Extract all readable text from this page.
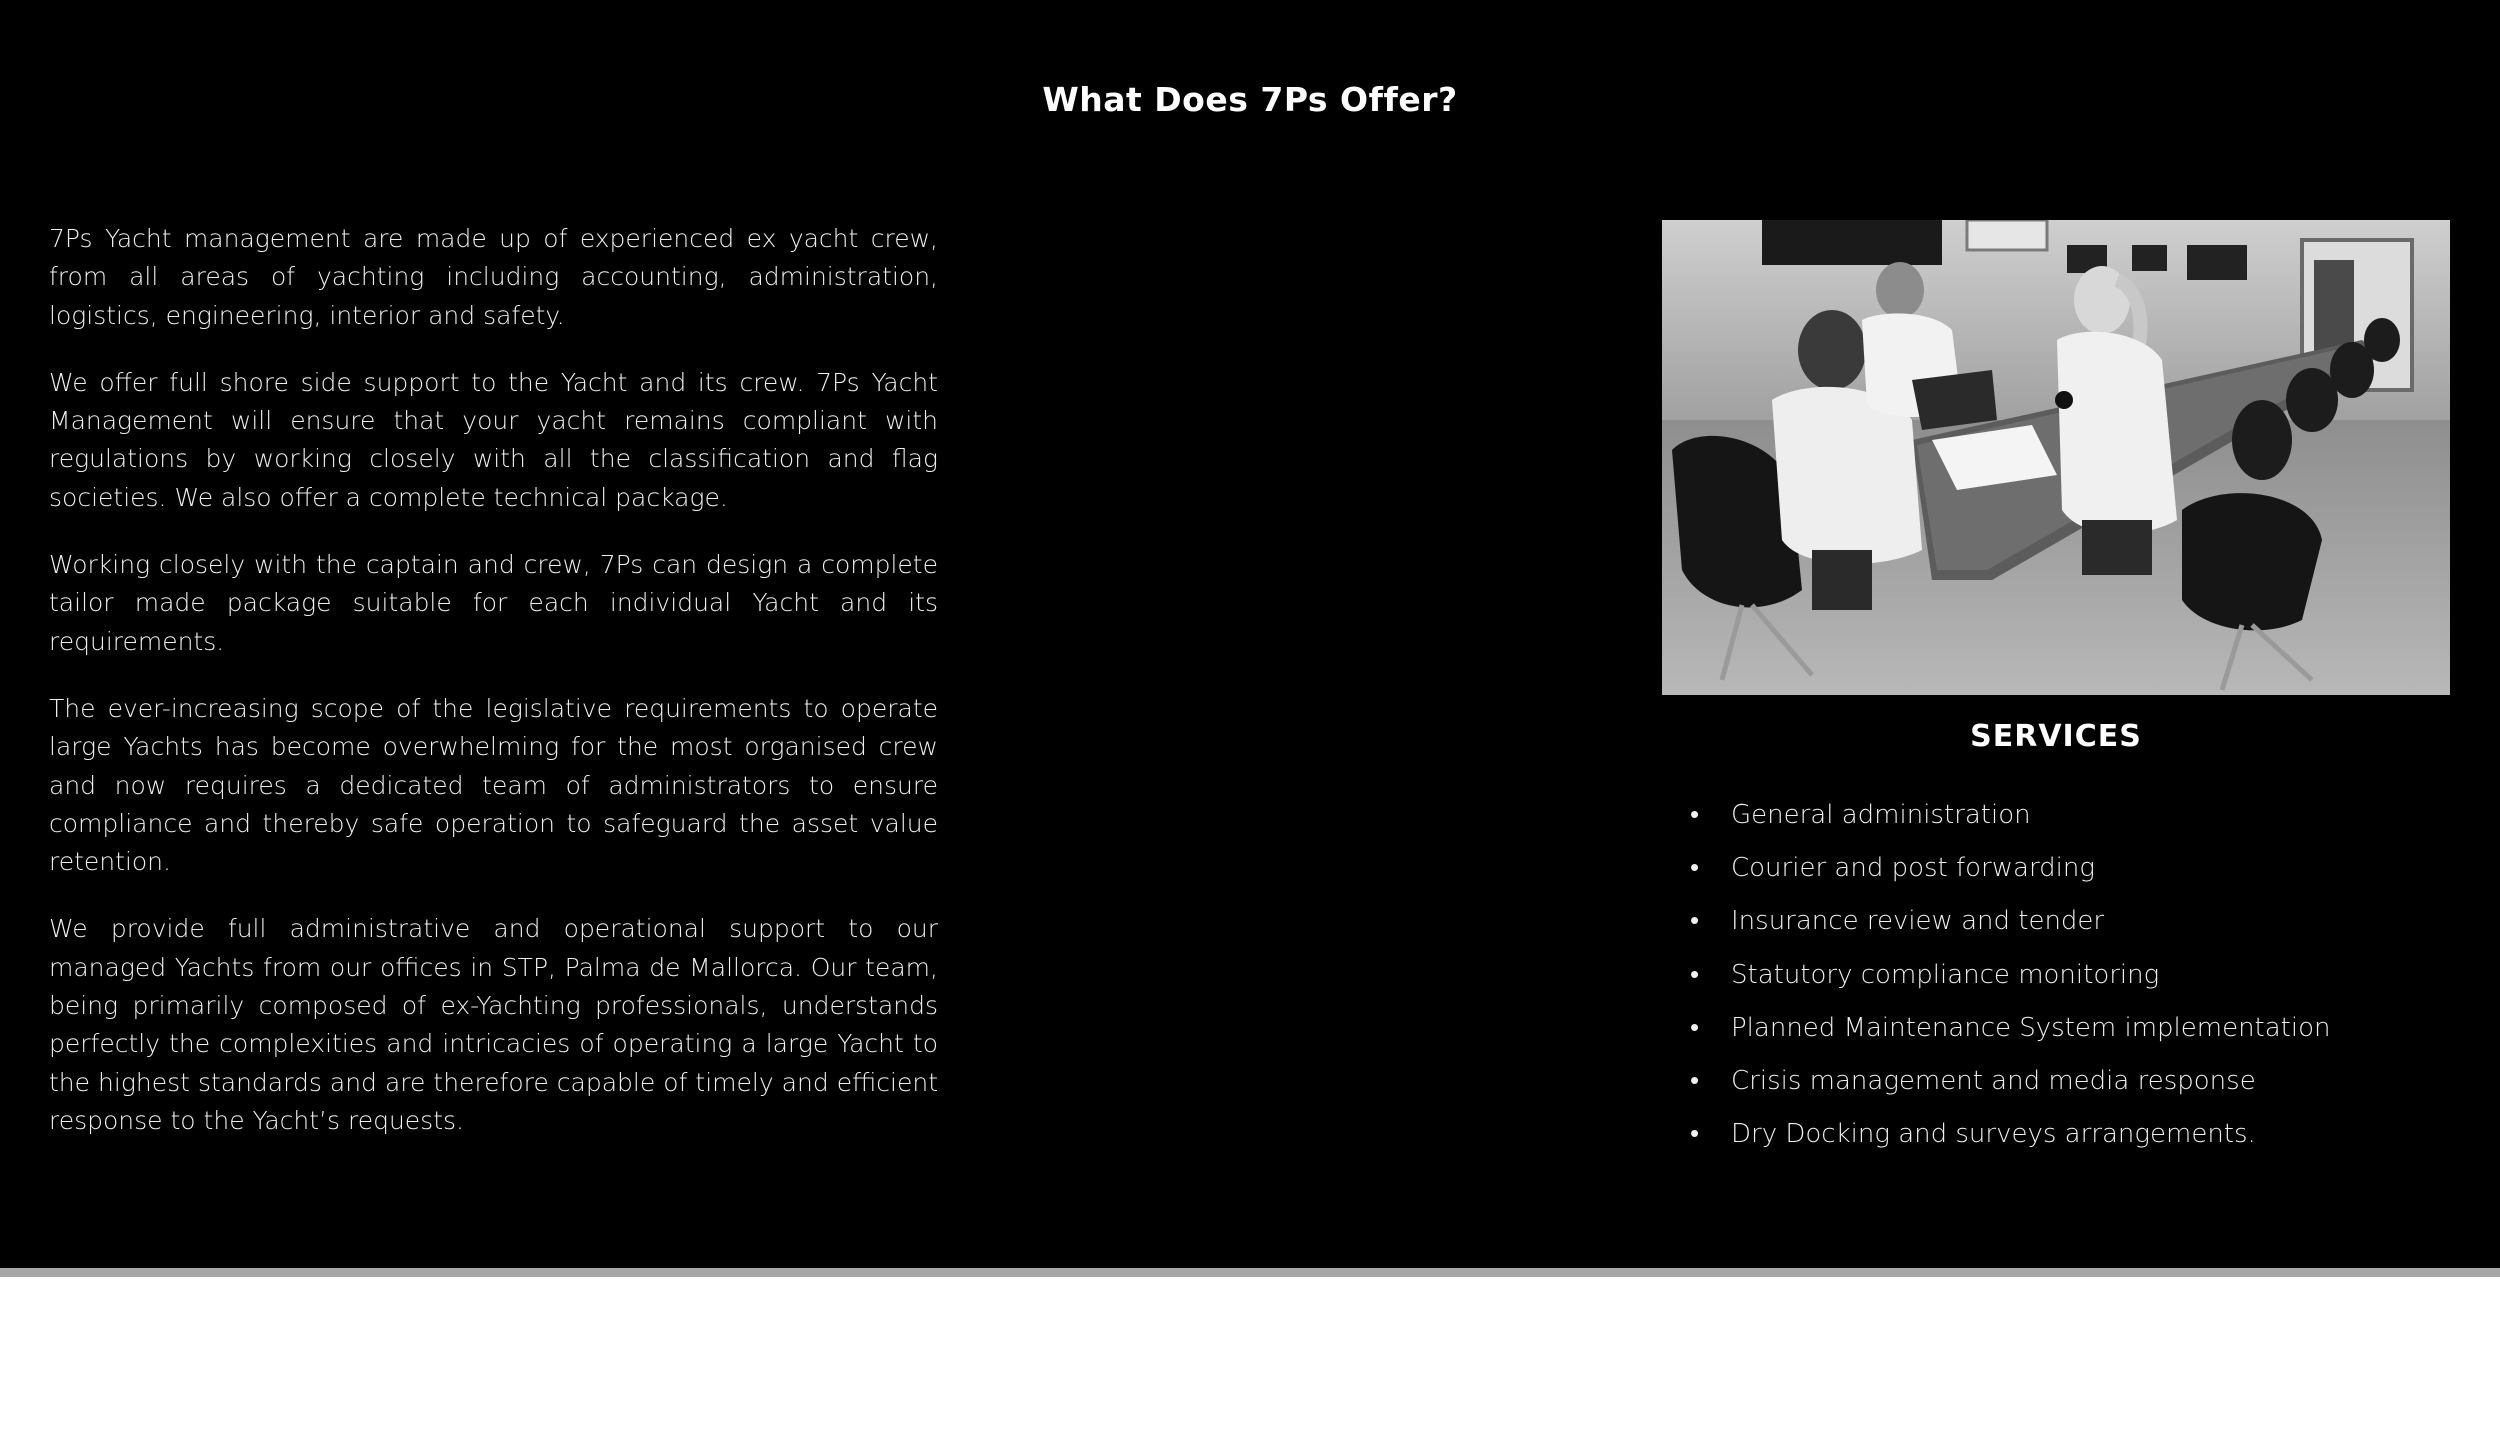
What Does 7Ps Offer?

7Ps Yacht management are made up of experienced ex yacht crew, from all areas of yachting including accounting, administration, logistics, engineering, interior and safety.

We offer full shore side support to the Yacht and its crew. 7Ps Yacht Management will ensure that your yacht remains compliant with regulations by working closely with all the classification and flag societies. We also offer a complete technical package.

Working closely with the captain and crew, 7Ps can design a complete tailor made package suitable for each individual Yacht and its requirements.

The ever-increasing scope of the legislative requirements to operate large Yachts has become overwhelming for the most organised crew and now requires a dedicated team of administrators to ensure compliance and thereby safe operation to safeguard the asset value retention.

We provide full administrative and operational support to our managed Yachts from our offices in STP, Palma de Mallorca. Our team, being primarily composed of ex-Yachting professionals, understands perfectly the complexities and intricacies of operating a large Yacht to the highest standards and are therefore capable of timely and efficient response to the Yacht’s requests.

SERVICES
•	General administration
•	Courier and post forwarding
•	Insurance review and tender
•	Statutory compliance monitoring
•	Planned Maintenance System implementation
•	Crisis management and media response
•	Dry Docking and surveys arrangements.
